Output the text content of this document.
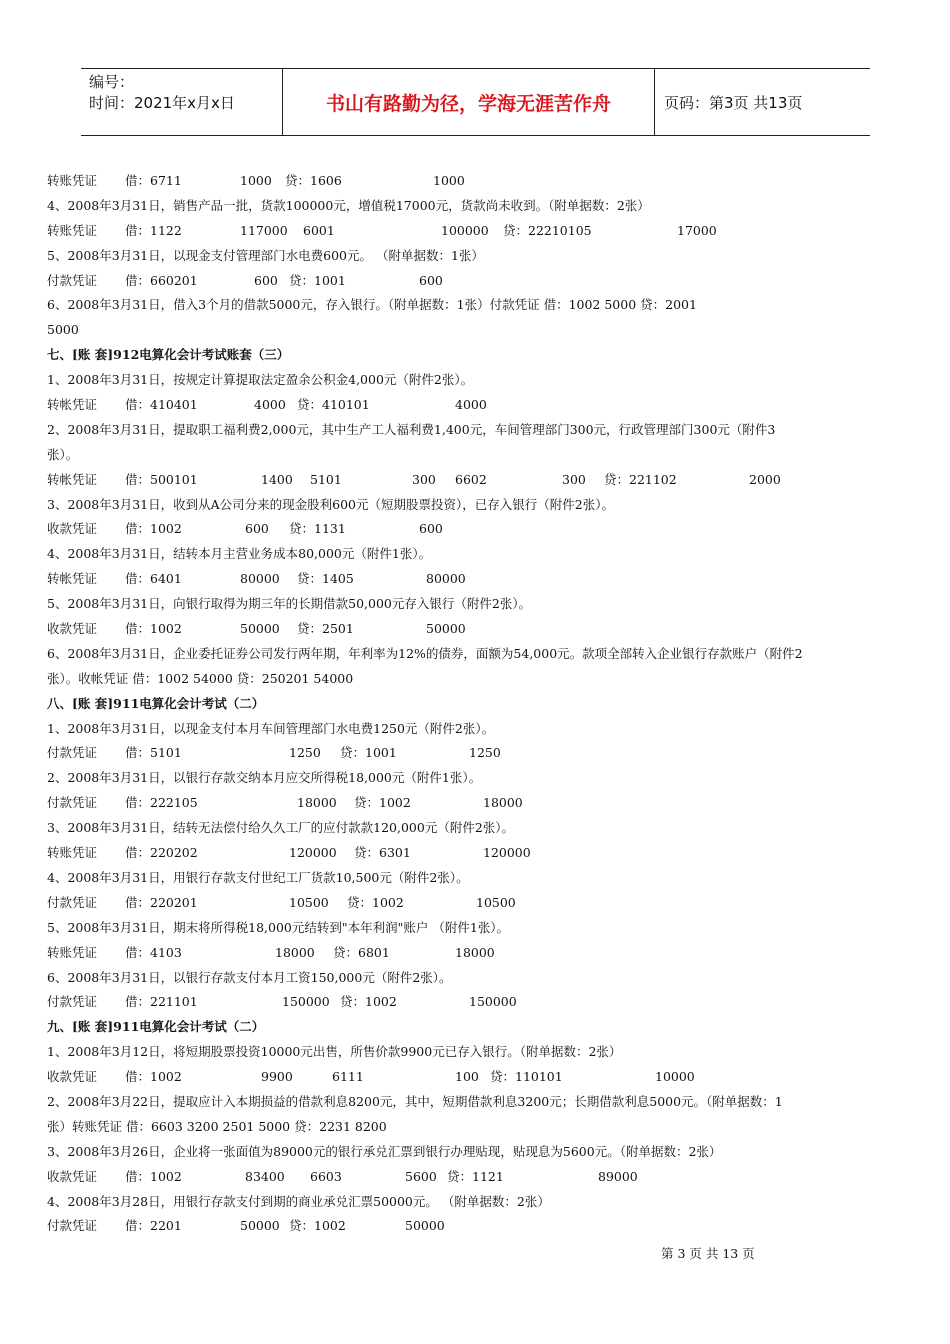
编号：
时间：2021年x月x日	书山有路勤为径，学海无涯苦作舟	页码：第3页 共13页
转账凭证 借：6711	1000 贷：1606	1000
4、2008年3月31日，销售产品一批，货款100000元，增值税17000元，货款尚未收到。（附单据数：2张）
转账凭证 借：1122	117000 6001	100000 贷：22210105	17000
5、2008年3月31日，以现金支付管理部门水电费600元。 （附单据数：1张）
付款凭证 借：660201	600 贷：1001	600
6、2008年3月31日，借入3个月的借款5000元，存入银行。（附单据数：1张）付款凭证 借：1002 5000 贷：2001
5000
七、[账 套]912电算化会计考试账套（三）
1、2008年3月31日，按规定计算提取法定盈余公积金4,000元（附件2张）。
转帐凭证 借：410401	4000 贷：410101	4000
2、2008年3月31日，提取职工福利费2,000元，其中生产工人福利费1,400元，车间管理部门300元，行政管理部门300元（附件3
张）。
转帐凭证 借：500101	1400 5101	300 6602	300 贷：221102	2000
3、2008年3月31日，收到从A公司分来的现金股利600元（短期股票投资），已存入银行（附件2张）。
收款凭证 借：1002	600 贷：1131	600
4、2008年3月31日，结转本月主营业务成本80,000元（附件1张）。
转帐凭证 借：6401	80000 贷：1405	80000
5、2008年3月31日，向银行取得为期三年的长期借款50,000元存入银行（附件2张）。
收款凭证 借：1002	50000 贷：2501	50000
6、2008年3月31日，企业委托证券公司发行两年期，年利率为12%的债券，面额为54,000元。款项全部转入企业银行存款账户（附件2
张）。收帐凭证 借：1002 54000 贷：250201 54000
八、[账 套]911电算化会计考试（二）
1、2008年3月31日，以现金支付本月车间管理部门水电费1250元（附件2张）。
付款凭证 借：5101	1250 贷：1001	1250
2、2008年3月31日，以银行存款交纳本月应交所得税18,000元（附件1张）。
付款凭证 借：222105	18000 贷：1002	18000
3、2008年3月31日，结转无法偿付给久久工厂的应付款款120,000元（附件2张）。
转账凭证 借：220202	120000 贷：6301	120000
4、2008年3月31日，用银行存款支付世纪工厂货款10,500元（附件2张）。
付款凭证 借：220201	10500 贷：1002	10500
5、2008年3月31日，期末将所得税18,000元结转到"本年利润"账户 （附件1张）。
转账凭证 借：4103	18000 贷：6801	18000
6、2008年3月31日，以银行存款支付本月工资150,000元（附件2张）。
付款凭证 借：221101	150000 贷：1002	150000
九、[账 套]911电算化会计考试（二）
1、2008年3月12日，将短期股票投资10000元出售，所售价款9900元已存入银行。（附单据数：2张）
收款凭证 借：1002	9900	6111	100 贷：110101	10000
2、2008年3月22日，提取应计入本期损益的借款利息8200元，其中，短期借款利息3200元；长期借款利息5000元。（附单据数：1
张）转账凭证 借：6603 3200 2501 5000 贷：2231 8200
3、2008年3月26日，企业将一张面值为89000元的银行承兑汇票到银行办理贴现，贴现息为5600元。（附单据数：2张）
收款凭证 借：1002	83400 6603	5600 贷：1121	89000
4、2008年3月28日，用银行存款支付到期的商业承兑汇票50000元。 （附单据数：2张）
付款凭证 借：2201	50000 贷：1002	50000
第 3 页 共 13 页
